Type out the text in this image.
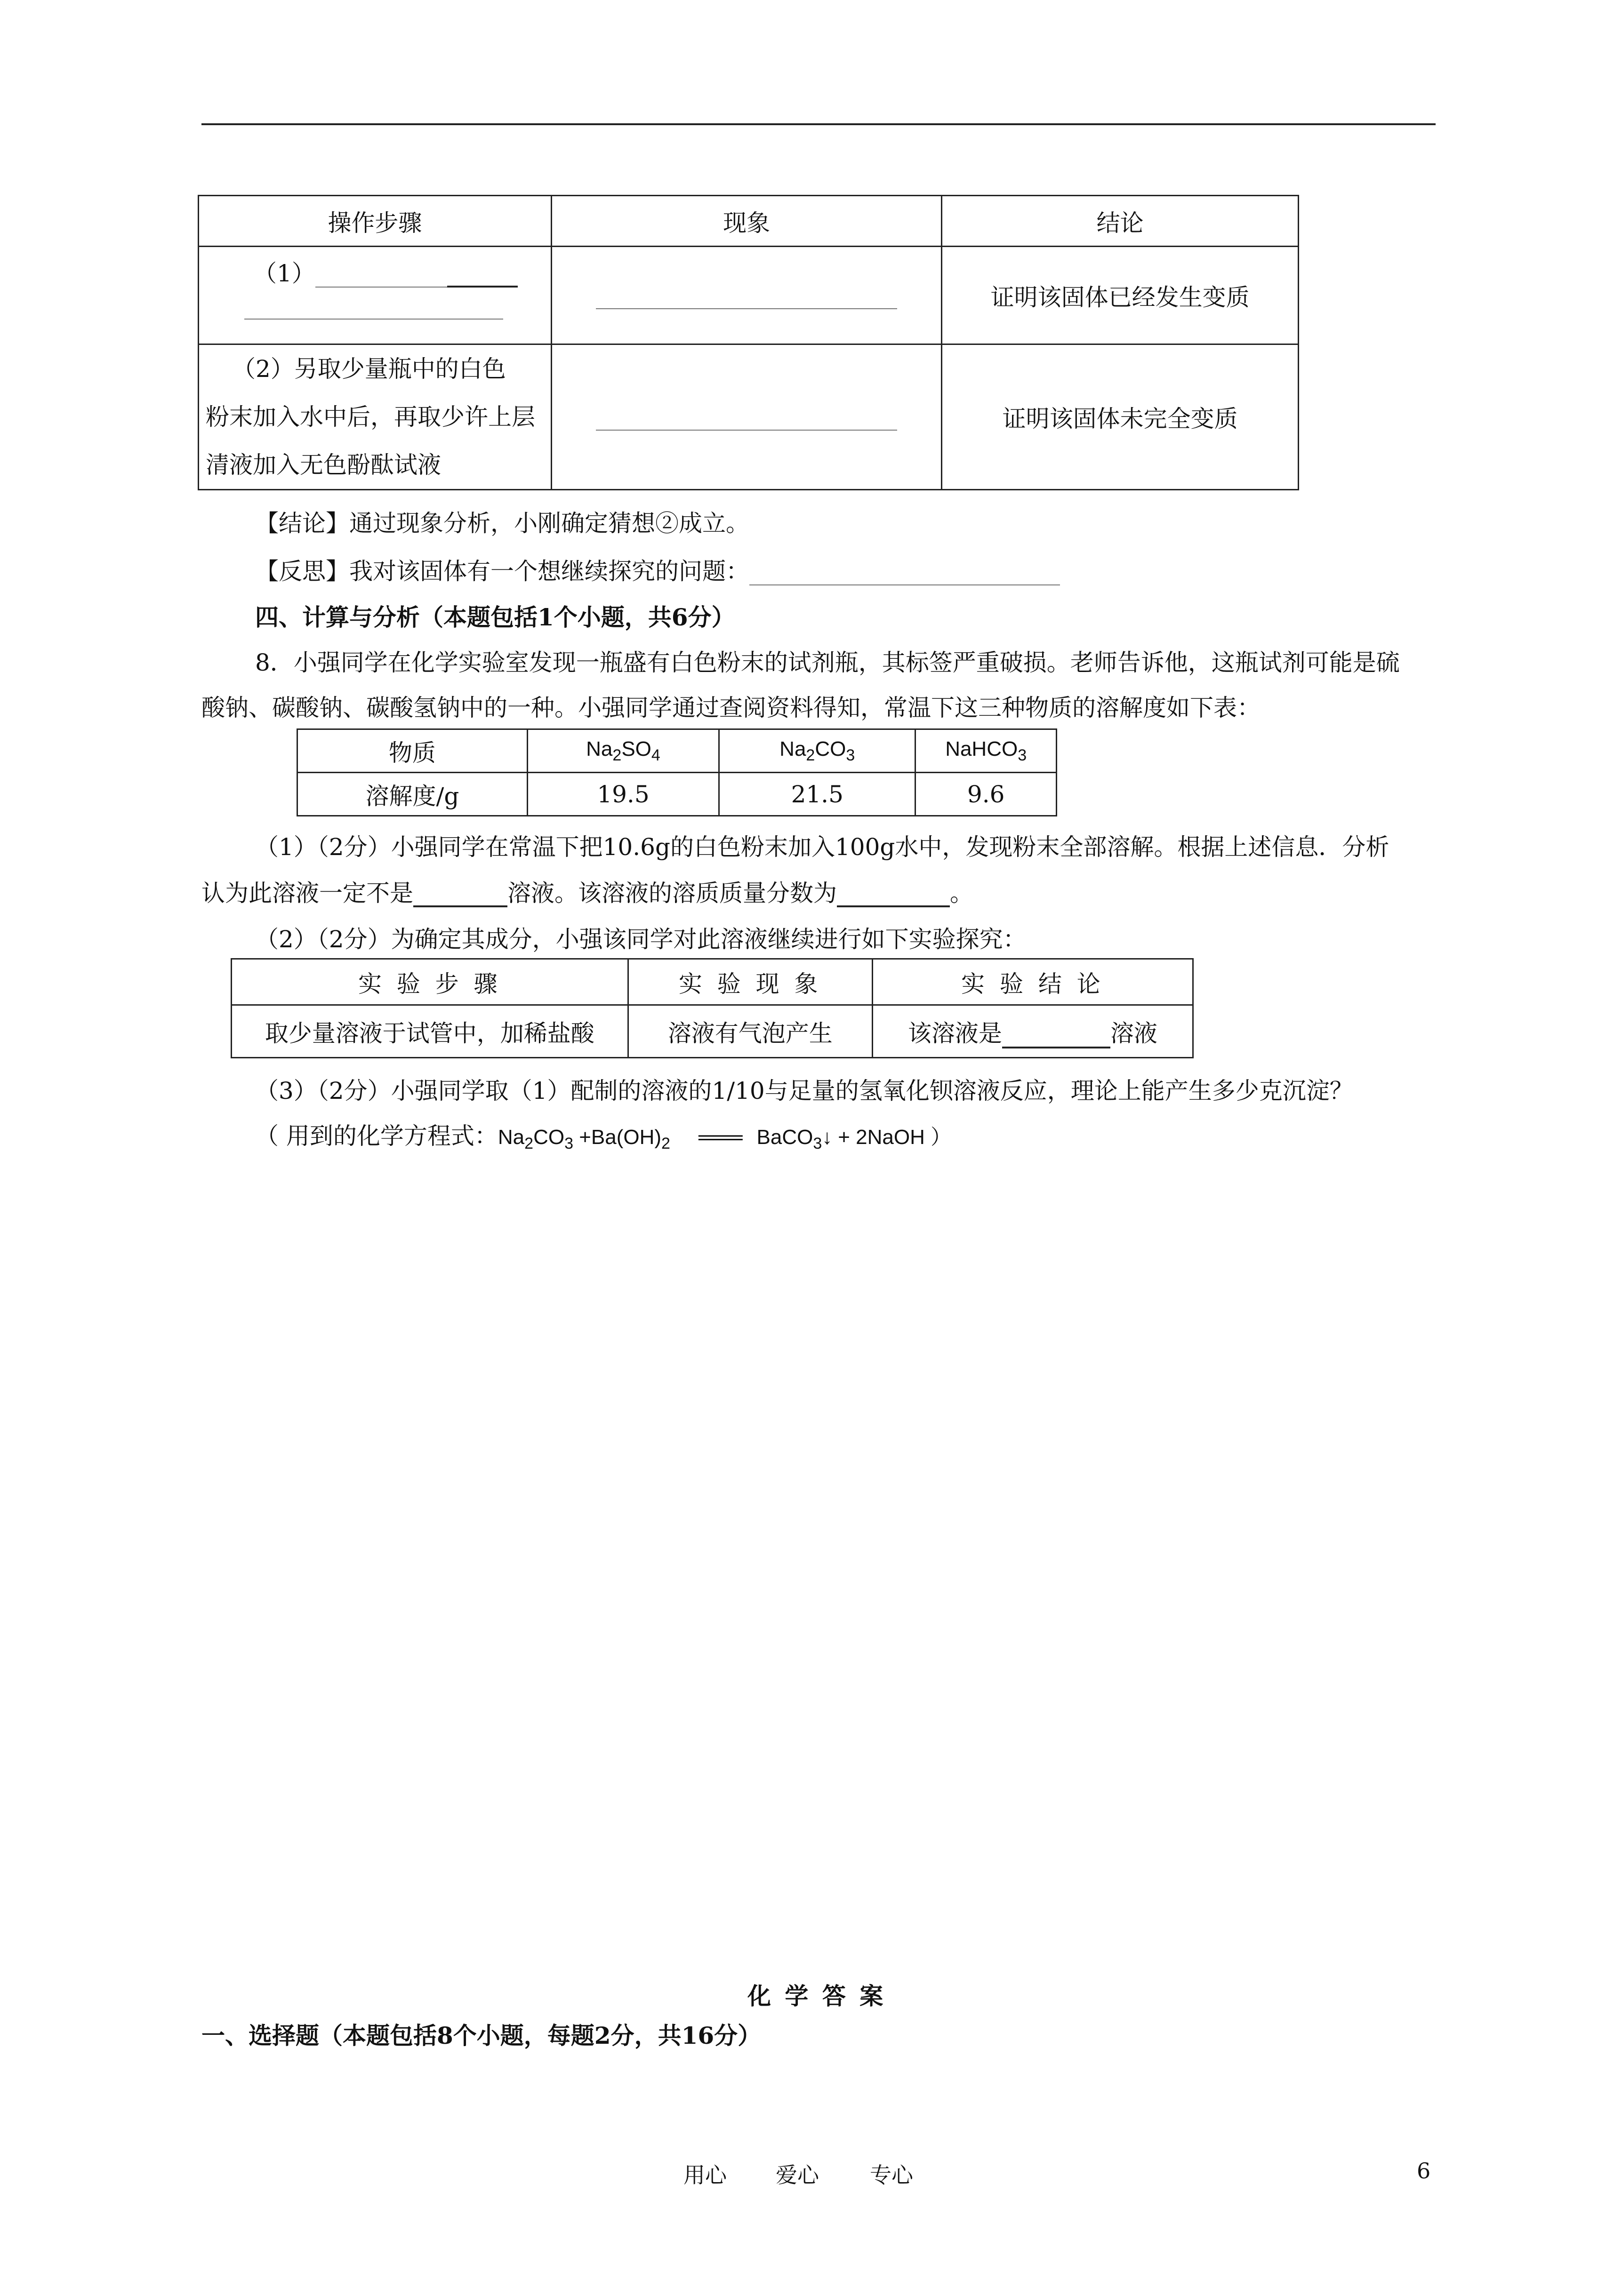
操作步骤	现象	结论

（1）		证明该固体已经发生变质

（2）另取少量瓶中的白色
粉末加入水中后，再取少许上层
清液加入无色酚酞试液		证明该固体未完全变质
【结论】通过现象分析，小刚确定猜想②成立。
【反思】我对该固体有一个想继续探究的问题：
四、计算与分析（本题包括1个小题，共6分）
8．小强同学在化学实验室发现一瓶盛有白色粉末的试剂瓶，其标签严重破损。老师告诉他，这瓶试剂可能是硫
酸钠、碳酸钠、碳酸氢钠中的一种。小强同学通过查阅资料得知，常温下这三种物质的溶解度如下表：
物质	$Na_2SO_4$	$Na_2CO_3$	NaHCO$_3$
溶解度/g	19.5	21.5	9.6
（1）（2分）小强同学在常温下把10.6g的白色粉末加入100g水中，发现粉末全部溶解。根据上述信息．分析
认为此溶液一定不是	溶液。该溶液的溶质质量分数为	。
（2）（2分）为确定其成分，小强该同学对此溶液继续进行如下实验探究：
实 验 步 骤	实 验 现 象	实 验 结 论
取少量溶液于试管中，加稀盐酸	溶液有气泡产生	该溶液是 溶液
（3）（2分）小强同学取（1）配制的溶液的1/10与足量的氢氧化钡溶液反应，理论上能产生多少克沉淀？
（ 用到的化学方程式：$Na_2CO_3 +Ba(OH)_2$ ═══ BaCO$_3$↓ + 2NaOH ）
化 学 答 案
一、选择题（本题包括8个小题，每题2分，共16分）
用心 爱心 专心	6
